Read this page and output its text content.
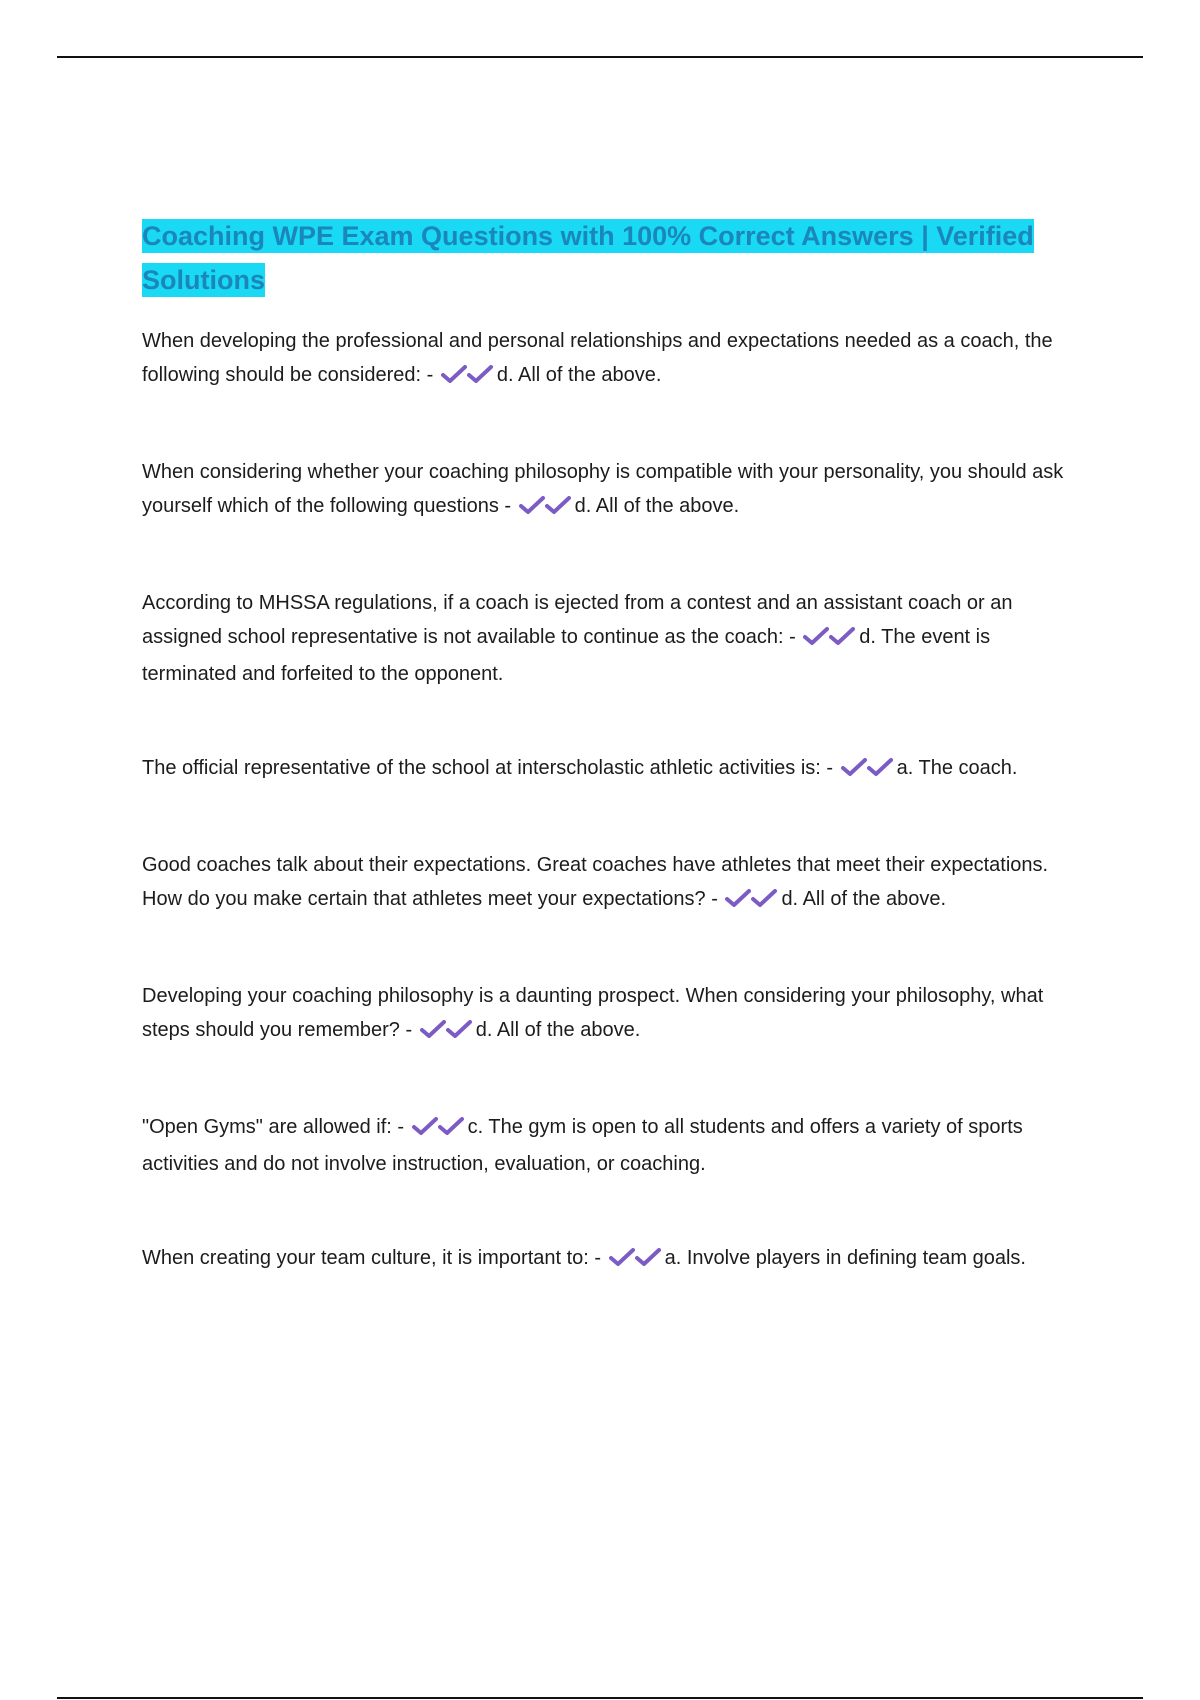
Coaching WPE Exam Questions with 100% Correct Answers | Verified Solutions

When developing the professional and personal relationships and expectations needed as a coach, the following should be considered: -	d. All of the above.

When considering whether your coaching philosophy is compatible with your personality, you should ask yourself which of the following questions -	d. All of the above.

According to MHSSA regulations, if a coach is ejected from a contest and an assistant coach or an assigned school representative is not available to continue as the coach: -	d. The event is terminated and forfeited to the opponent.

The official representative of the school at interscholastic athletic activities is: -	a. The coach.

Good coaches talk about their expectations. Great coaches have athletes that meet their expectations. How do you make certain that athletes meet your expectations? -	d. All of the above.

Developing your coaching philosophy is a daunting prospect. When considering your philosophy, what steps should you remember? -	d. All of the above.

"Open Gyms" are allowed if: -	c. The gym is open to all students and offers a variety of sports activities and do not involve instruction, evaluation, or coaching.

When creating your team culture, it is important to: -	a. Involve players in defining team goals.
